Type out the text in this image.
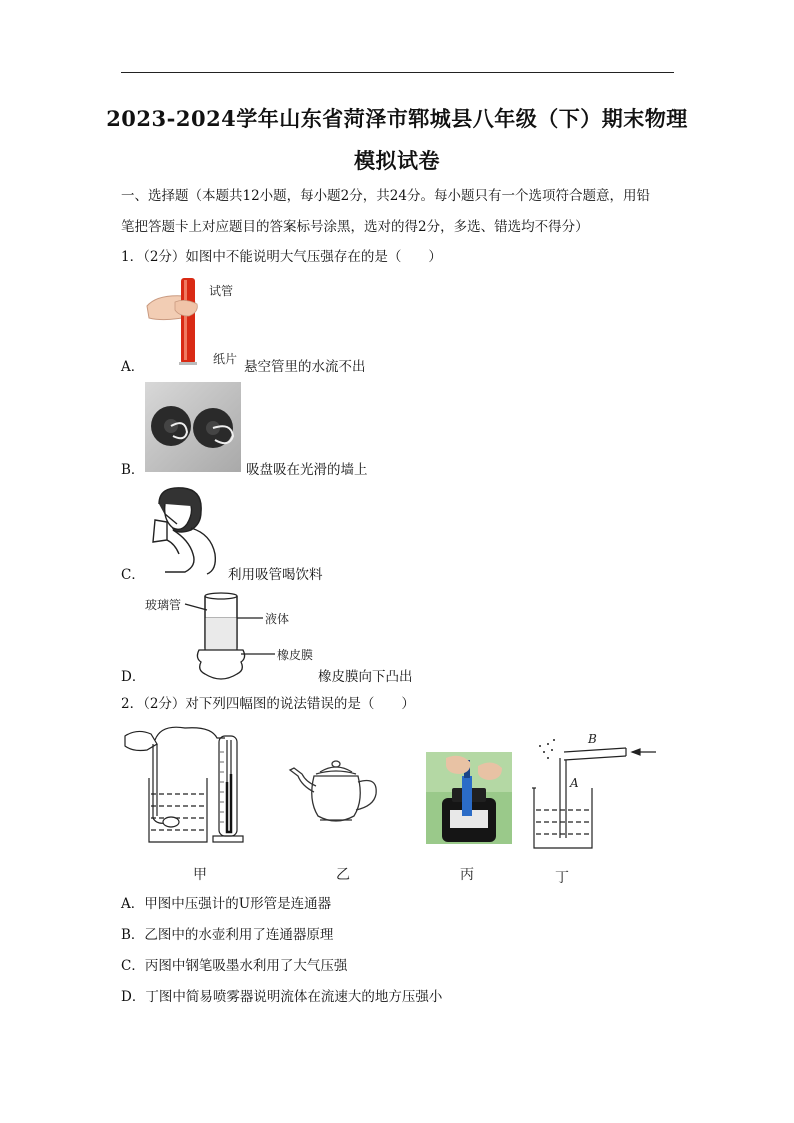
2023-2024学年山东省菏泽市郓城县八年级（下）期末物理
模拟试卷
一、选择题（本题共12小题，每小题2分，共24分。每小题只有一个选项符合题意，用铅
笔把答题卡上对应题目的答案标号涂黑，选对的得2分，多选、错选均不得分）
1．（2分）如图中不能说明大气压强存在的是（　　）
试管
纸片
A．	悬空管里的水流不出
B．	吸盘吸在光滑的墙上
C．	利用吸管喝饮料
玻璃管
液体
橡皮膜
D．	橡皮膜向下凸出
2．（2分）对下列四幅图的说法错误的是（　　）
甲	乙	丙
B
A
丁
A．甲图中压强计的U形管是连通器
B．乙图中的水壶利用了连通器原理
C．丙图中钢笔吸墨水利用了大气压强
D．丁图中简易喷雾器说明流体在流速大的地方压强小
